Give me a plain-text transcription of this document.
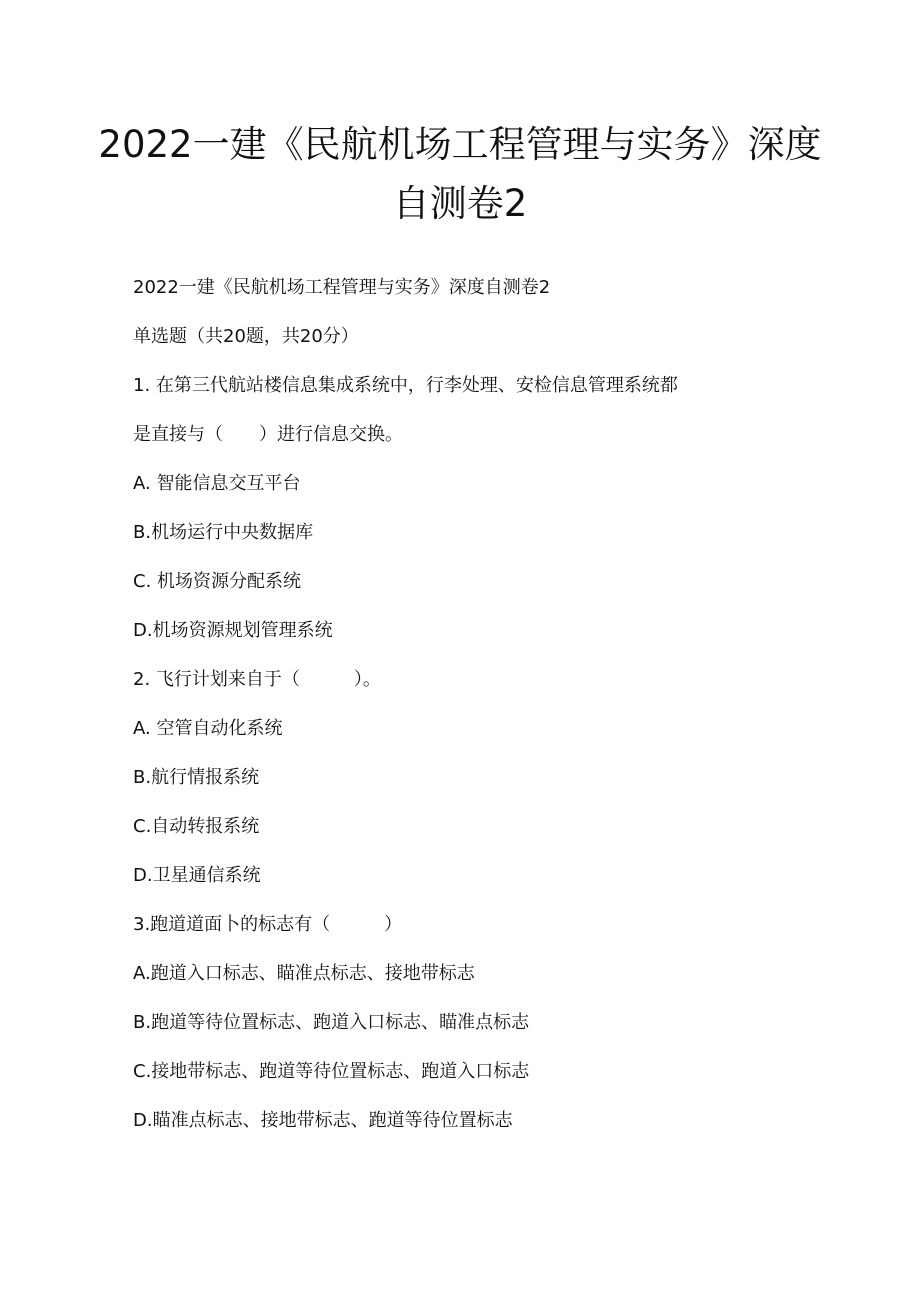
2022一建《民航机场工程管理与实务》深度
自测卷2
2022一建《民航机场工程管理与实务》深度自测卷2
单选题（共20题，共20分）
1. 在第三代航站楼信息集成系统中，行李处理、安检信息管理系统都
是直接与（　　）进行信息交换。
A. 智能信息交互平台
B.机场运行中央数据库
C. 机场资源分配系统
D.机场资源规划管理系统
2. 飞行计划来自于（　　　）。
A. 空管自动化系统
B.航行情报系统
C.自动转报系统
D.卫星通信系统
3.跑道道面卜的标志有（　　　）
A.跑道入口标志、瞄准点标志、接地带标志
B.跑道等待位置标志、跑道入口标志、瞄准点标志
C.接地带标志、跑道等待位置标志、跑道入口标志
D.瞄准点标志、接地带标志、跑道等待位置标志
